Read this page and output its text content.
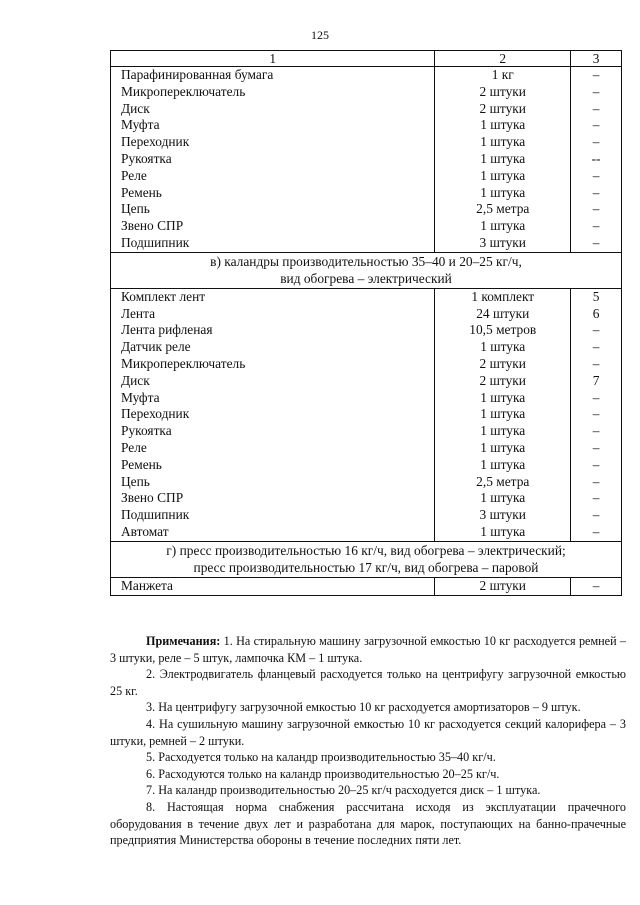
125
1	2	3
Парафинированная бумага	1 кг	–
Микропереключатель	2 штуки	–
Диск	2 штуки	–
Муфта	1 штука	–
Переходник	1 штука	–
Рукоятка	1 штука	--
Реле	1 штука	–
Ремень	1 штука	–
Цепь	2,5 метра	–
Звено СПР	1 штука	–
Подшипник	3 штуки	–

в) каландры производительностью 35–40 и 20–25 кг/ч,
вид обогрева – электрический		

Комплект лент	1 комплект	5
Лента	24 штуки	6
Лента рифленая	10,5 метров	–
Датчик реле	1 штука	–
Микропереключатель	2 штуки	–
Диск	2 штуки	7
Муфта	1 штука	–
Переходник	1 штука	–
Рукоятка	1 штука	–
Реле	1 штука	–
Ремень	1 штука	–
Цепь	2,5 метра	–
Звено СПР	1 штука	–
Подшипник	3 штуки	–
Автомат	1 штука	–

г) пресс производительностью 16 кг/ч, вид обогрева – электрический;
пресс производительностью 17 кг/ч, вид обогрева – паровой		

Манжета	2 штуки	–

Примечания: 1. На стиральную машину загрузочной емкостью 10 кг расходуется ремней – 3 штуки, реле – 5 штук, лампочка КМ – 1 штука.

2. Электродвигатель фланцевый расходуется только на центрифугу загрузочной емкостью 25 кг.

3. На центрифугу загрузочной емкостью 10 кг расходуется амортизаторов – 9 штук.

4. На сушильную машину загрузочной емкостью 10 кг расходуется секций калорифера – 3 штуки, ремней – 2 штуки.

5. Расходуется только на каландр производительностью 35–40 кг/ч.

6. Расходуются только на каландр производительностью 20–25 кг/ч.

7. На каландр производительностью 20–25 кг/ч расходуется диск – 1 штука.

8. Настоящая норма снабжения рассчитана исходя из эксплуатации прачечного оборудования в течение двух лет и разработана для марок, поступающих на банно-прачечные предприятия Министерства обороны в течение последних пяти лет.
